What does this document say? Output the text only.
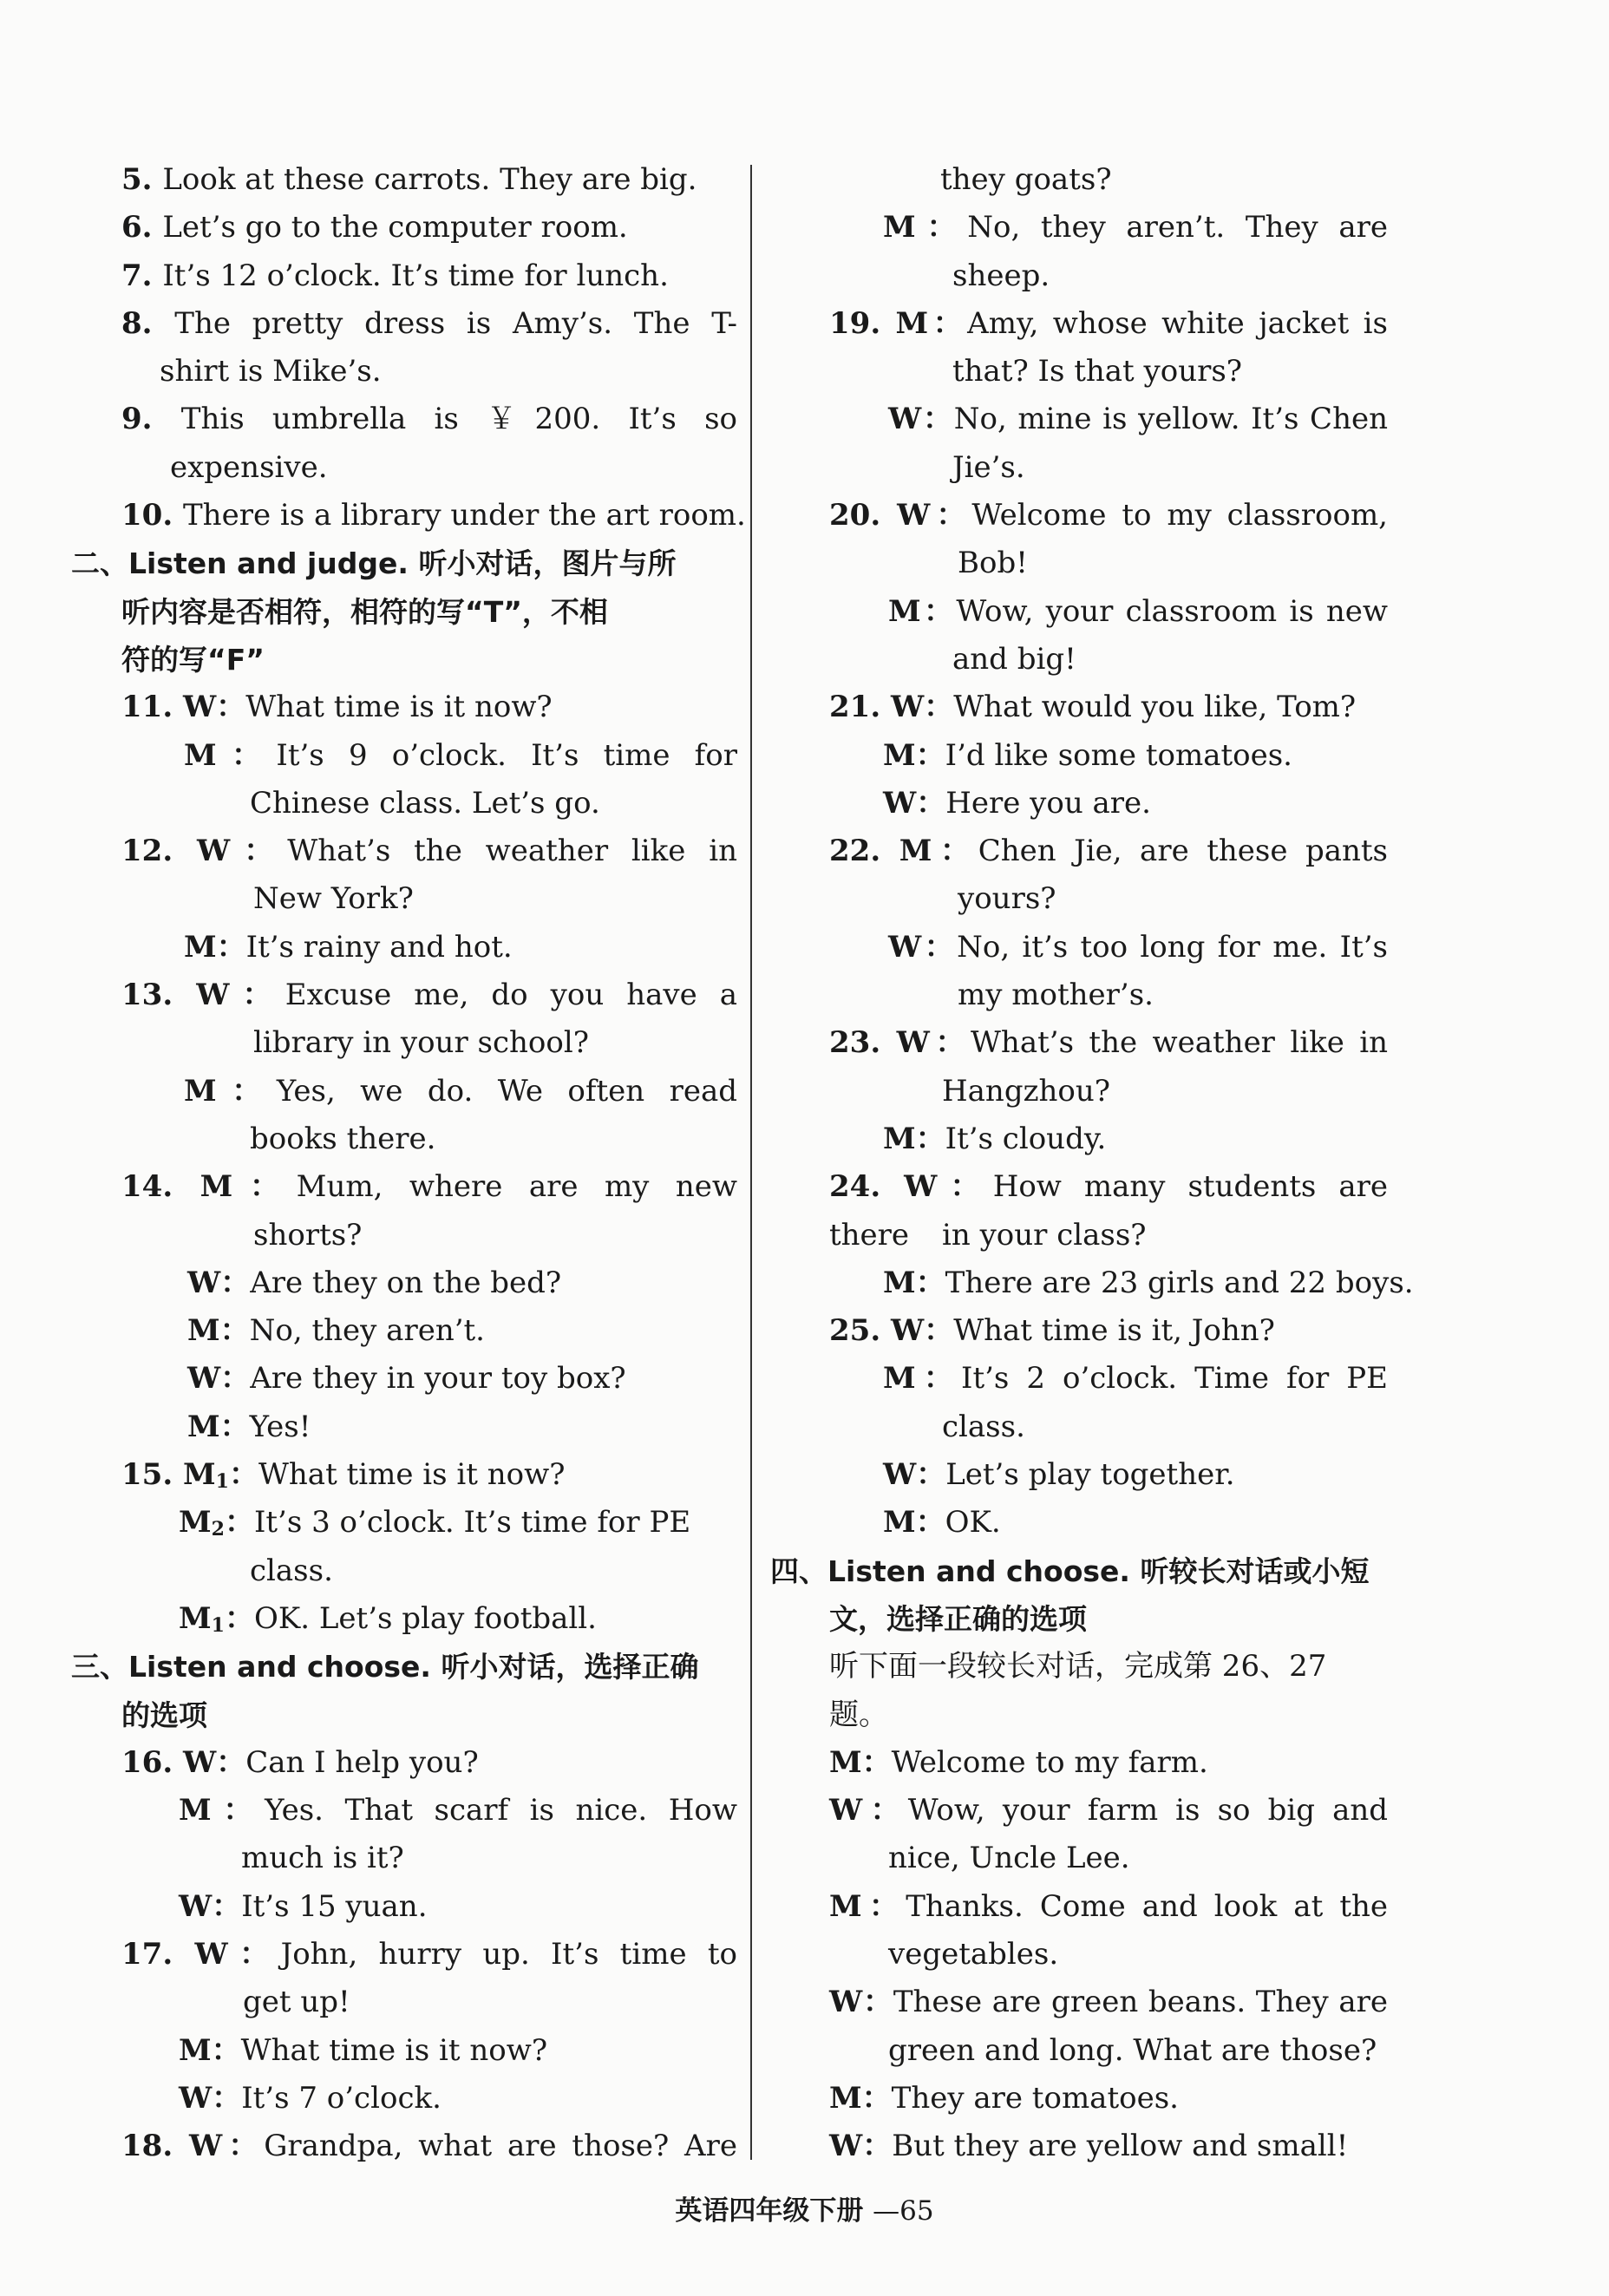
5. Look at these carrots. They are big.
6. Let’s go to the computer room.
7. It’s 12 o’clock. It’s time for lunch.
8. The pretty dress is Amy’s. The T-
shirt is Mike’s.
9. This umbrella is ￥200. It’s so
expensive.
10. There is a library under the art room.
二、Listen and judge. 听小对话，图片与所
听内容是否相符，相符的写“T”，不相
符的写“F”
11. W：What time is it now?
M：It’s 9 o’clock. It’s time for
Chinese class. Let’s go.
12. W：What’s the weather like in
New York?
M：It’s rainy and hot.
13. W：Excuse me, do you have a
library in your school?
M：Yes, we do. We often read
books there.
14. M：Mum, where are my new
shorts?
W：Are they on the bed?
M：No, they aren’t.
W：Are they in your toy box?
M：Yes!
15. M1：What time is it now?
M2：It’s 3 o’clock. It’s time for PE
class.
M1：OK. Let’s play football.
三、Listen and choose. 听小对话，选择正确
的选项
16. W：Can I help you?
M：Yes. That scarf is nice. How
much is it?
W：It’s 15 yuan.
17. W：John, hurry up. It’s time to
get up!
M：What time is it now?
W：It’s 7 o’clock.
18. W：Grandpa, what are those? Are
they goats?
M：No, they aren’t. They are
sheep.
19. M：Amy, whose white jacket is
that? Is that yours?
W：No, mine is yellow. It’s Chen
Jie’s.
20. W：Welcome to my classroom,
Bob!
M：Wow, your classroom is new
and big!
21. W：What would you like, Tom?
M：I’d like some tomatoes.
W：Here you are.
22. M：Chen Jie, are these pants
yours?
W：No, it’s too long for me. It’s
my mother’s.
23. W：What’s the weather like in
Hangzhou?
M：It’s cloudy.
24. W：How many students are there	in your class?
M：There are 23 girls and 22 boys.
25. W：What time is it, John?
M：It’s 2 o’clock. Time for PE
class.
W：Let’s play together.
M：OK.
四、Listen and choose. 听较长对话或小短
文，选择正确的选项
听下面一段较长对话，完成第 26、27
题。
M：Welcome to my farm.
W：Wow, your farm is so big and
nice, Uncle Lee.
M：Thanks. Come and look at the
vegetables.
W：These are green beans. They are
green and long. What are those?
M：They are tomatoes.
W：But they are yellow and small!
英语四年级下册 —65
